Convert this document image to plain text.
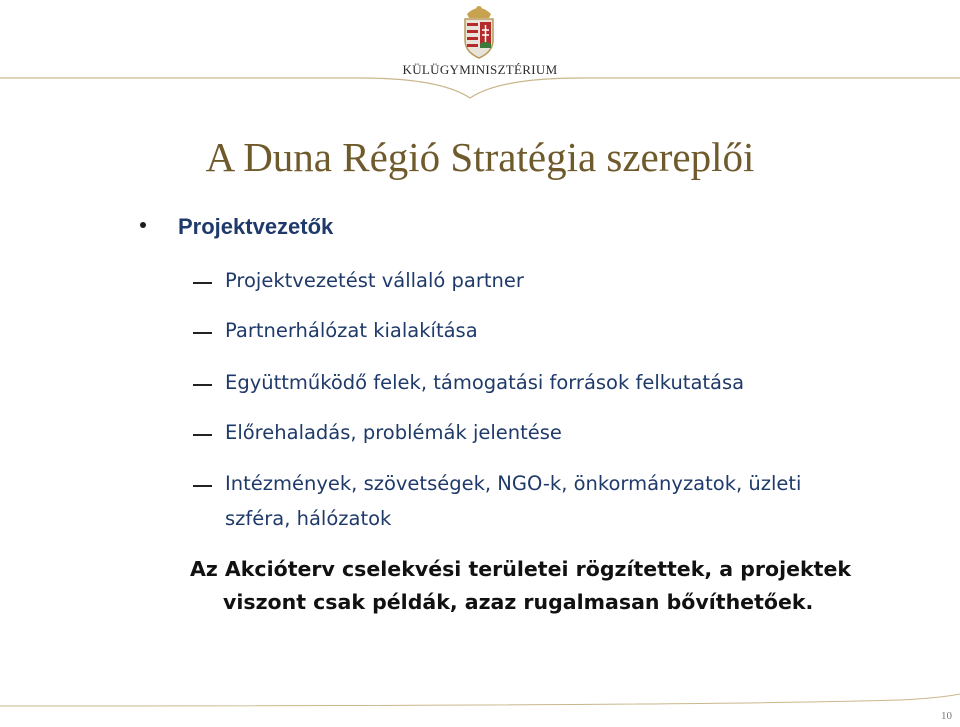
KÜLÜGYMINISZTÉRIUM
A Duna Régió Stratégia szereplői
Projektvezetők
Projektvezetést vállaló partner
Partnerhálózat kialakítása
Együttműködő felek, támogatási források felkutatása
Előrehaladás, problémák jelentése
Intézmények, szövetségek, NGO-k, önkormányzatok, üzleti
szféra, hálózatok
Az Akcióterv cselekvési területei rögzítettek, a projektek
viszont csak példák, azaz rugalmasan bővíthetőek.
10
